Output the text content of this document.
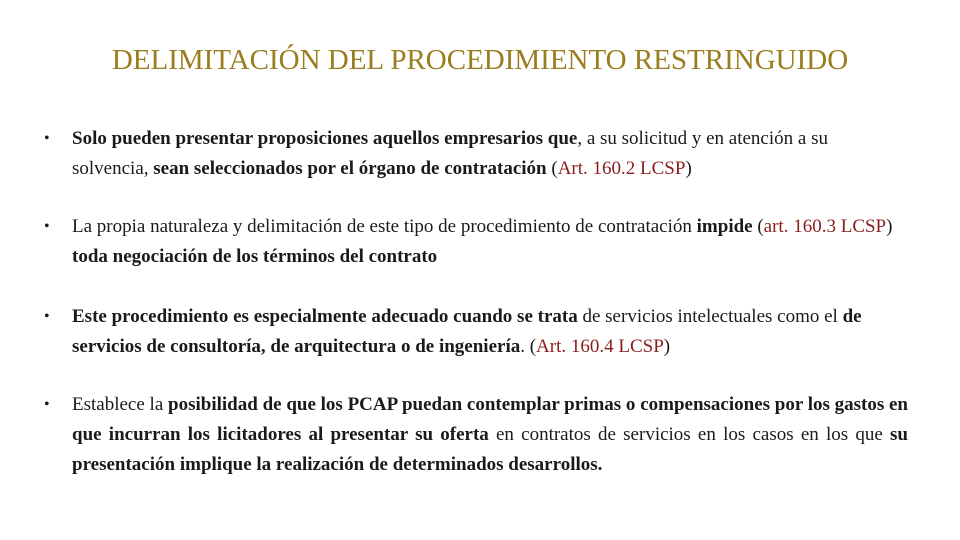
DELIMITACIÓN DEL PROCEDIMIENTO RESTRINGUIDO
• Solo pueden presentar proposiciones aquellos empresarios que, a su solicitud y en atención a su solvencia, sean seleccionados por el órgano de contratación (Art. 160.2 LCSP)
• La propia naturaleza y delimitación de este tipo de procedimiento de contratación impide (art. 160.3 LCSP) toda negociación de los términos del contrato
• Este procedimiento es especialmente adecuado cuando se trata de servicios intelectuales como el de servicios de consultoría, de arquitectura o de ingeniería. (Art. 160.4 LCSP)
• Establece la posibilidad de que los PCAP puedan contemplar primas o compensaciones por los gastos en que incurran los licitadores al presentar su oferta en contratos de servicios en los casos en los que su presentación implique la realización de determinados desarrollos.
